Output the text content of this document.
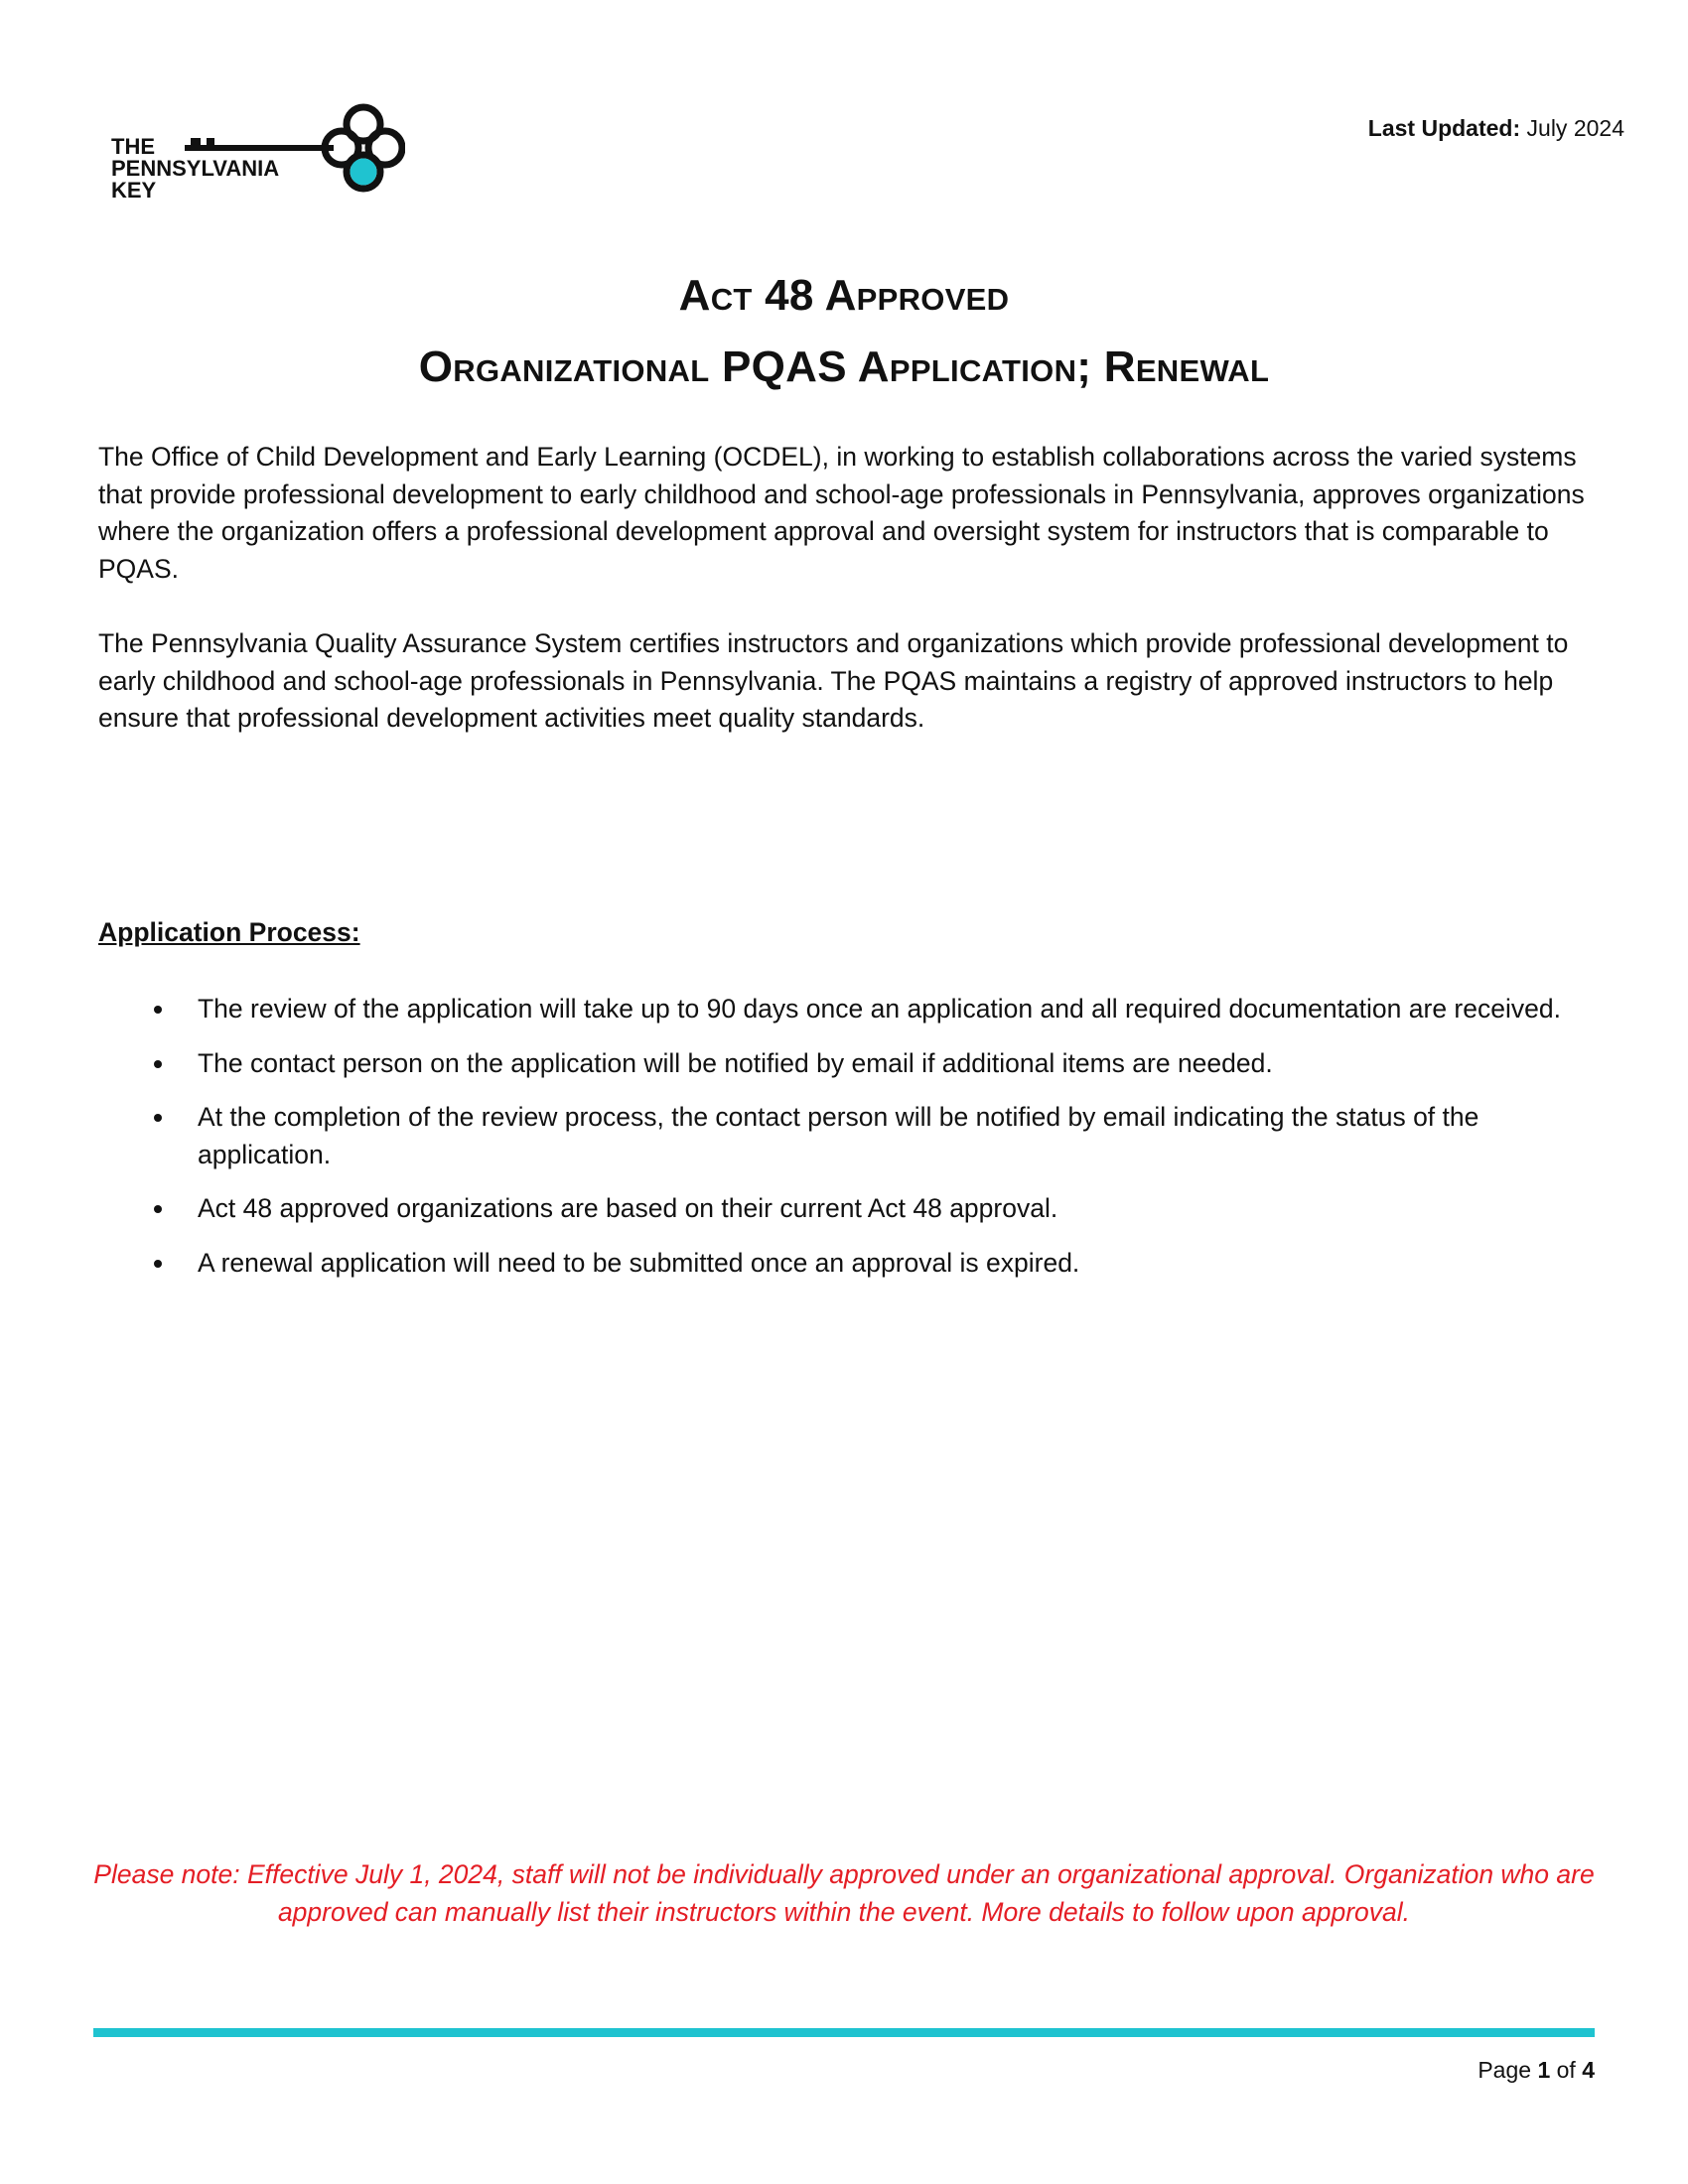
THE
PENNSYLVANIA
KEY
Last Updated: July 2024
Act 48 Approved
Organizational PQAS Application; Renewal

The Office of Child Development and Early Learning (OCDEL), in working to establish collaborations across the varied systems that provide professional development to early childhood and school-age professionals in Pennsylvania, approves organizations where the organization offers a professional development approval and oversight system for instructors that is comparable to PQAS.

The Pennsylvania Quality Assurance System certifies instructors and organizations which provide professional development to early childhood and school-age professionals in Pennsylvania. The PQAS maintains a registry of approved instructors to help ensure that professional development activities meet quality standards.

Application Process:

The review of the application will take up to 90 days once an application and all required documentation are received.
The contact person on the application will be notified by email if additional items are needed.
At the completion of the review process, the contact person will be notified by email indicating the status of the application.
Act 48 approved organizations are based on their current Act 48 approval.
A renewal application will need to be submitted once an approval is expired.

Please note: Effective July 1, 2024, staff will not be individually approved under an organizational approval. Organization who are approved can manually list their instructors within the event. More details to follow upon approval.

Page 1 of 4
